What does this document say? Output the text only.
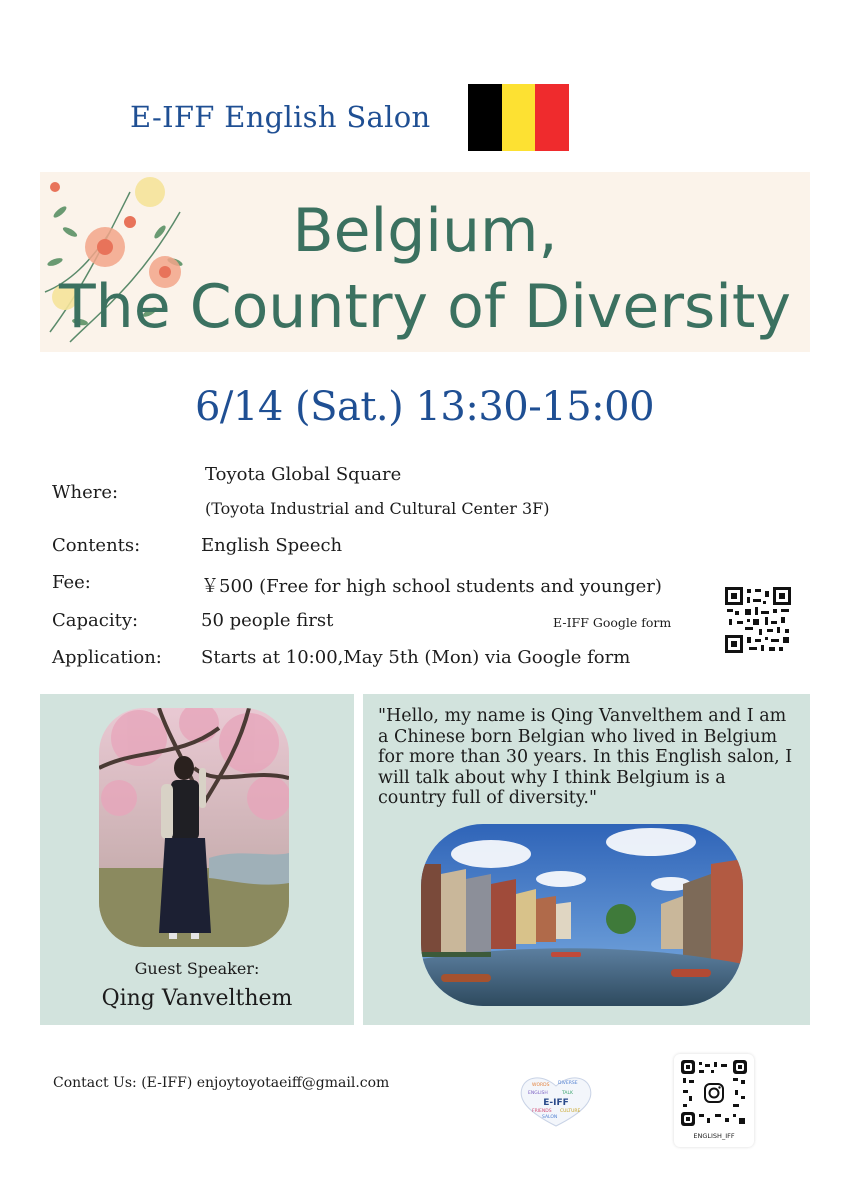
E-IFF English Salon
Belgium,
The Country of Diversity
6/14 (Sat.) 13:30-15:00
Where:
Toyota Global Square
(Toyota Industrial and Cultural Center 3F)
Contents:	English Speech
Fee:	￥500 (Free for high school students and younger)
Capacity:	50 people first	E-IFF Google form
Application: Starts at 10:00,May 5th (Mon) via Google form
Guest Speaker:
Qing Vanvelthem
"Hello, my name is Qing Vanvelthem and I am a Chinese born Belgian who lived in Belgium for more than 30 years. In this English salon, I will talk about why I think Belgium is a country full of diversity."
Contact Us: (E-IFF) enjoytoyotaeiff@gmail.com	WORDS DIVERSE
ENGLISH	TALK
FRIENDS CULTURE
SALON
E-IFF
ENGLISH_IFF
